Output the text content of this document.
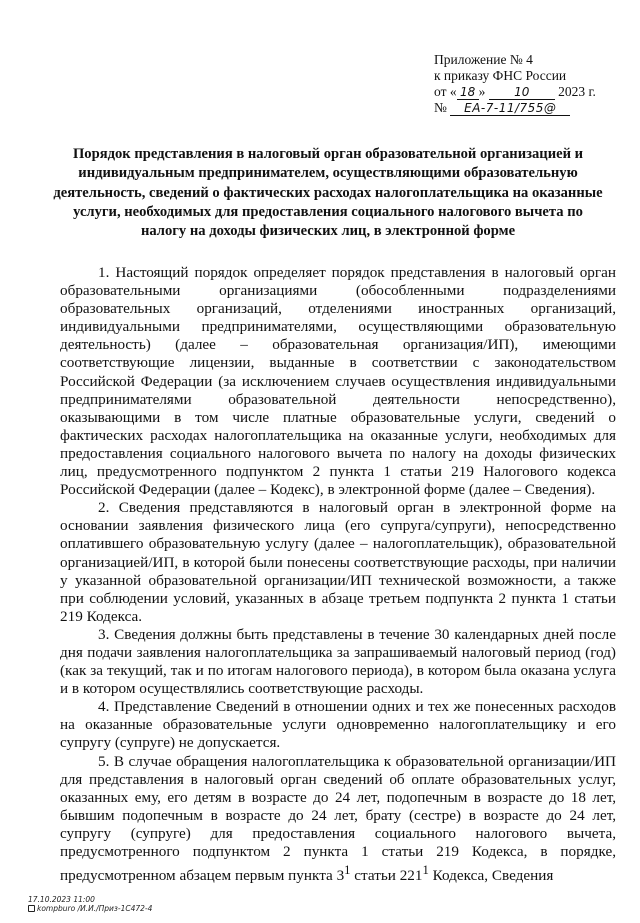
Приложение № 4
к приказу ФНС России
от « 18 » 10 2023 г.
№ ЕА-7-11/755@
Порядок представления в налоговый орган образовательной организацией и индивидуальным предпринимателем, осуществляющими образовательную деятельность, сведений о фактических расходах налогоплательщика на оказанные услуги, необходимых для предоставления социального налогового вычета по налогу на доходы физических лиц, в электронной форме

1. Настоящий порядок определяет порядок представления в налоговый орган образовательными организациями (обособленными подразделениями образовательных организаций, отделениями иностранных организаций, индивидуальными предпринимателями, осуществляющими образовательную деятельность) (далее – образовательная организация/ИП), имеющими соответствующие лицензии, выданные в соответствии с законодательством Российской Федерации (за исключением случаев осуществления индивидуальными предпринимателями образовательной деятельности непосредственно), оказывающими в том числе платные образовательные услуги, сведений о фактических расходах налогоплательщика на оказанные услуги, необходимых для предоставления социального налогового вычета по налогу на доходы физических лиц, предусмотренного подпунктом 2 пункта 1 статьи 219 Налогового кодекса Российской Федерации (далее – Кодекс), в электронной форме (далее – Сведения).

2. Сведения представляются в налоговый орган в электронной форме на основании заявления физического лица (его супруга/супруги), непосредственно оплатившего образовательную услугу (далее – налогоплательщик), образовательной организацией/ИП, в которой были понесены соответствующие расходы, при наличии у указанной образовательной организации/ИП технической возможности, а также при соблюдении условий, указанных в абзаце третьем подпункта 2 пункта 1 статьи 219 Кодекса.

3. Сведения должны быть представлены в течение 30 календарных дней после дня подачи заявления налогоплательщика за запрашиваемый налоговый период (год) (как за текущий, так и по итогам налогового периода), в котором была оказана услуга и в котором осуществлялись соответствующие расходы.

4. Представление Сведений в отношении одних и тех же понесенных расходов на оказанные образовательные услуги одновременно налогоплательщику и его супругу (супруге) не допускается.

5. В случае обращения налогоплательщика к образовательной организации/ИП для представления в налоговый орган сведений об оплате образовательных услуг, оказанных ему, его детям в возрасте до 24 лет, подопечным в возрасте до 18 лет, бывшим подопечным в возрасте до 24 лет, брату (сестре) в возрасте до 24 лет, супругу (супруге) для предоставления социального налогового вычета, предусмотренного подпунктом 2 пункта 1 статьи 219 Кодекса, в порядке, предусмотренном абзацем первым пункта $3^1$ статьи $221^1$ Кодекса, Сведения

17.10.2023 11:00
kompburo /И.И./Приз-1С472-4
